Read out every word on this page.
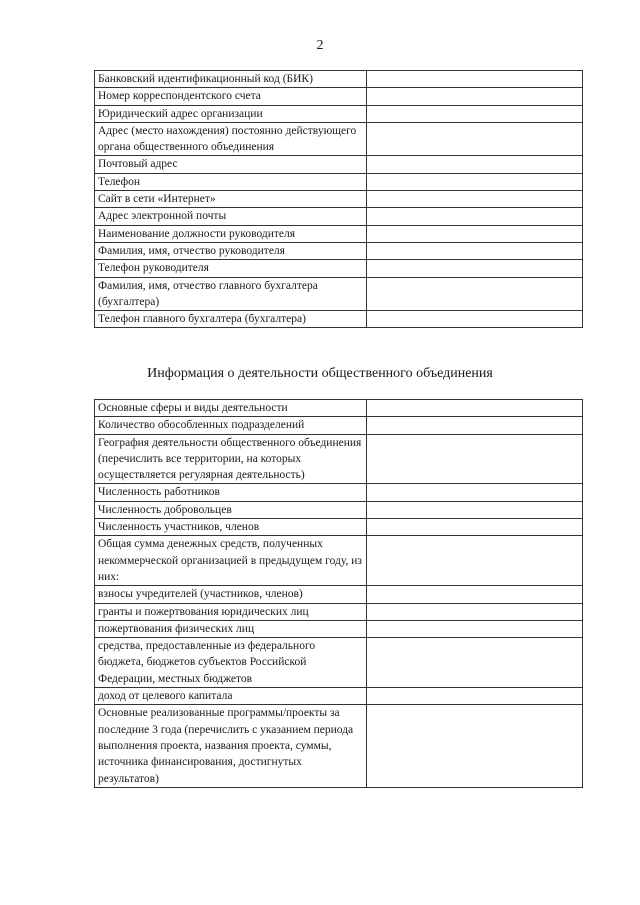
2
Банковский идентификационный код (БИК)	
Номер корреспондентского счета	
Юридический адрес организации	
Адрес (место нахождения) постоянно действующего органа общественного объединения	
Почтовый адрес	
Телефон	
Сайт в сети «Интернет»	
Адрес электронной почты	
Наименование должности руководителя	
Фамилия, имя, отчество руководителя	
Телефон руководителя	
Фамилия, имя, отчество главного бухгалтера (бухгалтера)	
Телефон главного бухгалтера (бухгалтера)	
Информация о деятельности общественного объединения
Основные сферы и виды деятельности	
Количество обособленных подразделений	
География деятельности общественного объединения (перечислить все территории, на которых осуществляется регулярная деятельность)	
Численность работников	
Численность добровольцев	
Численность участников, членов	
Общая сумма денежных средств, полученных некоммерческой организацией в предыдущем году, из них:	
взносы учредителей (участников, членов)	
гранты и пожертвования юридических лиц	
пожертвования физических лиц	
средства, предоставленные из федерального бюджета, бюджетов субъектов Российской Федерации, местных бюджетов	
доход от целевого капитала	
Основные реализованные программы/проекты за последние 3 года (перечислить с указанием периода выполнения проекта, названия проекта, суммы, источника финансирования, достигнутых результатов)	
